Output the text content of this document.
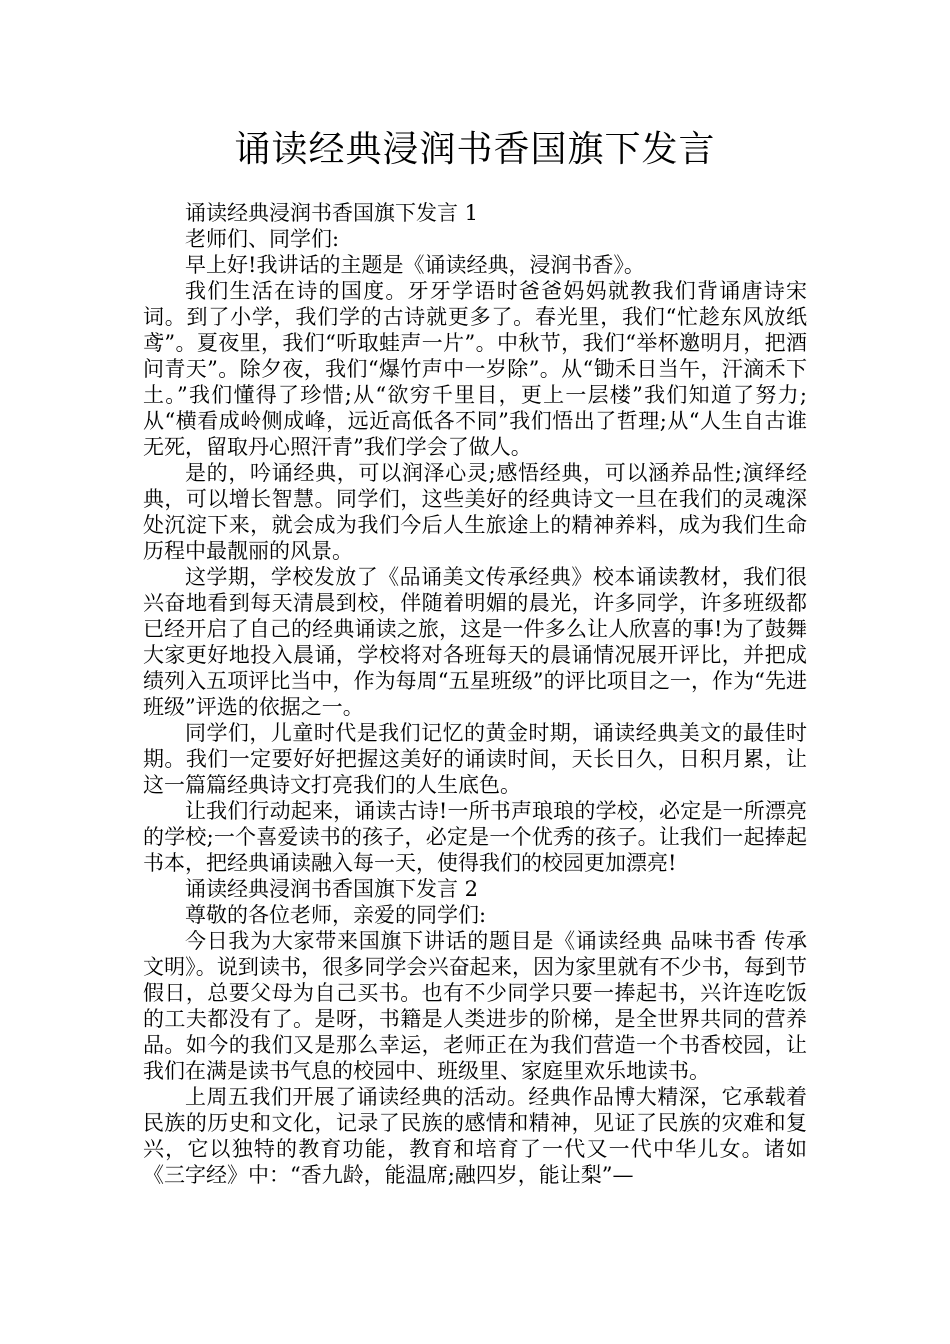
诵读经典浸润书香国旗下发言

诵读经典浸润书香国旗下发言 1

老师们、同学们:

早上好!我讲话的主题是《诵读经典，浸润书香》。

我们生活在诗的国度。牙牙学语时爸爸妈妈就教我们背诵唐诗宋词。到了小学，我们学的古诗就更多了。春光里，我们“忙趁东风放纸鸢”。夏夜里，我们“听取蛙声一片”。中秋节，我们“举杯邀明月，把酒问青天”。除夕夜，我们“爆竹声中一岁除”。从“锄禾日当午，汗滴禾下土。”我们懂得了珍惜;从“欲穷千里目，更上一层楼”我们知道了努力;从“横看成岭侧成峰，远近高低各不同”我们悟出了哲理;从“人生自古谁无死，留取丹心照汗青”我们学会了做人。

是的，吟诵经典，可以润泽心灵;感悟经典，可以涵养品性;演绎经典，可以增长智慧。同学们，这些美好的经典诗文一旦在我们的灵魂深处沉淀下来，就会成为我们今后人生旅途上的精神养料，成为我们生命历程中最靓丽的风景。

这学期，学校发放了《品诵美文传承经典》校本诵读教材，我们很兴奋地看到每天清晨到校，伴随着明媚的晨光，许多同学，许多班级都已经开启了自己的经典诵读之旅，这是一件多么让人欣喜的事!为了鼓舞大家更好地投入晨诵，学校将对各班每天的晨诵情况展开评比，并把成绩列入五项评比当中，作为每周“五星班级”的评比项目之一，作为“先进班级”评选的依据之一。

同学们，儿童时代是我们记忆的黄金时期，诵读经典美文的最佳时期。我们一定要好好把握这美好的诵读时间，天长日久，日积月累，让这一篇篇经典诗文打亮我们的人生底色。

让我们行动起来，诵读古诗!一所书声琅琅的学校，必定是一所漂亮的学校;一个喜爱读书的孩子，必定是一个优秀的孩子。让我们一起捧起书本，把经典诵读融入每一天，使得我们的校园更加漂亮!

诵读经典浸润书香国旗下发言 2

尊敬的各位老师，亲爱的同学们:

今日我为大家带来国旗下讲话的题目是《诵读经典 品味书香 传承文明》。说到读书，很多同学会兴奋起来，因为家里就有不少书，每到节假日，总要父母为自己买书。也有不少同学只要一捧起书，兴许连吃饭的工夫都没有了。是呀，书籍是人类进步的阶梯，是全世界共同的营养品。如今的我们又是那么幸运，老师正在为我们营造一个书香校园，让我们在满是读书气息的校园中、班级里、家庭里欢乐地读书。

上周五我们开展了诵读经典的活动。经典作品博大精深，它承载着民族的历史和文化，记录了民族的感情和精神，见证了民族的灾难和复兴，它以独特的教育功能，教育和培育了一代又一代中华儿女。诸如《三字经》中：“香九龄，能温席;融四岁，能让梨”—
